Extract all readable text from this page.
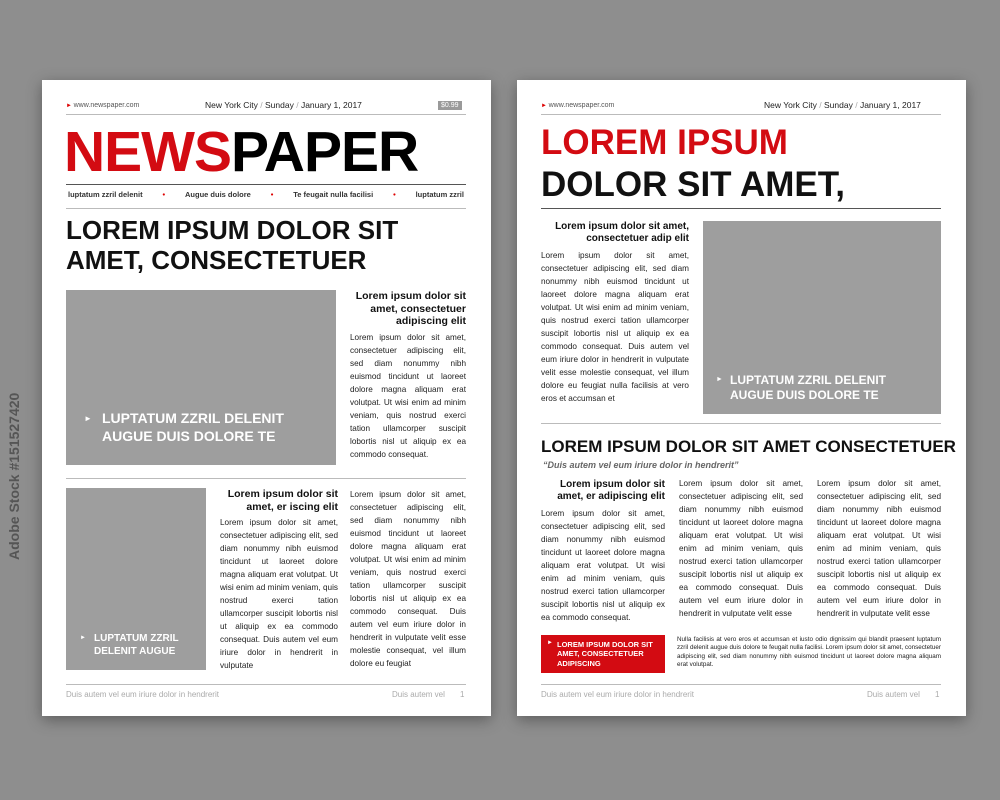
► www.newspaper.com	New York City / Sunday / January 1, 2017	$0.99
NEWSPAPER
luptatum zzril delenit	•	Augue duis dolore	•	Te feugait nulla facilisi	•	luptatum zzril
LOREM IPSUM DOLOR SIT
AMET, CONSECTETUER
► LUPTATUM ZZRIL DELENIT
AUGUE DUIS DOLORE TE
Lorem ipsum dolor sit amet, consectetuer adipiscing elit
Lorem ipsum dolor sit amet, consectetuer adipiscing elit, sed diam nonummy nibh euismod tincidunt ut laoreet dolore magna aliquam erat volutpat. Ut wisi enim ad minim veniam, quis nostrud exerci tation ullamcorper suscipit lobortis nisl ut aliquip ex ea commodo consequat.
► LUPTATUM ZZRIL
DELENIT AUGUE
Lorem ipsum dolor sit amet, er iscing elit
Lorem ipsum dolor sit amet, consectetuer adipiscing elit, sed diam nonummy nibh euismod tincidunt ut laoreet dolore magna aliquam erat volutpat. Ut wisi enim ad minim veniam, quis nostrud exerci tation ullamcorper suscipit lobortis nisl ut aliquip ex ea commodo consequat. Duis autem vel eum iriure dolor in hendrerit in vulputate
Lorem ipsum dolor sit amet, consectetuer adipiscing elit, sed diam nonummy nibh euismod tincidunt ut laoreet dolore magna aliquam erat volutpat. Ut wisi enim ad minim veniam, quis nostrud exerci tation ullamcorper suscipit lobortis nisl ut aliquip ex ea commodo consequat. Duis autem vel eum iriure dolor in hendrerit in vulputate velit esse molestie consequat, vel illum dolore eu feugiat
Duis autem vel eum iriure dolor in hendrerit	Duis autem vel 1
► www.newspaper.com	New York City / Sunday / January 1, 2017
LOREM IPSUM
DOLOR SIT AMET,
Lorem ipsum dolor sit amet, consectetuer adip elit
Lorem ipsum dolor sit amet, consectetuer adipiscing elit, sed diam nonummy nibh euismod tincidunt ut laoreet dolore magna aliquam erat volutpat. Ut wisi enim ad minim veniam, quis nostrud exerci tation ullamcorper suscipit lobortis nisl ut aliquip ex ea commodo consequat. Duis autem vel eum iriure dolor in hendrerit in vulputate velit esse molestie consequat, vel illum dolore eu feugiat nulla facilisis at vero eros et accumsan et
► LUPTATUM ZZRIL DELENIT
AUGUE DUIS DOLORE TE
LOREM IPSUM DOLOR SIT AMET CONSECTETUER
“Duis autem vel eum iriure dolor in hendrerit”
Lorem ipsum dolor sit amet, er adipiscing elit
Lorem ipsum dolor sit amet, consectetuer adipiscing elit, sed diam nonummy nibh euismod tincidunt ut laoreet dolore magna aliquam erat volutpat. Ut wisi enim ad minim veniam, quis nostrud exerci tation ullamcorper suscipit lobortis nisl ut aliquip ex ea commodo consequat.
Lorem ipsum dolor sit amet, consectetuer adipiscing elit, sed diam nonummy nibh euismod tincidunt ut laoreet dolore magna aliquam erat volutpat. Ut wisi enim ad minim veniam, quis nostrud exerci tation ullamcorper suscipit lobortis nisl ut aliquip ex ea commodo consequat. Duis autem vel eum iriure dolor in hendrerit in vulputate velit esse
Lorem ipsum dolor sit amet, consectetuer adipiscing elit, sed diam nonummy nibh euismod tincidunt ut laoreet dolore magna aliquam erat volutpat. Ut wisi enim ad minim veniam, quis nostrud exerci tation ullamcorper suscipit lobortis nisl ut aliquip ex ea commodo consequat. Duis autem vel eum iriure dolor in hendrerit in vulputate velit esse
► LOREM IPSUM DOLOR SIT AMET, CONSECTETUER ADIPISCING
Nulla facilisis at vero eros et accumsan et iusto odio dignissim qui blandit praesent luptatum zzril delenit augue duis dolore te feugait nulla facilisi. Lorem ipsum dolor sit amet, consectetuer adipiscing elit, sed diam nonummy nibh euismod tincidunt ut laoreet dolore magna aliquam erat volutpat.
Duis autem vel eum iriure dolor in hendrerit	Duis autem vel 1
Adobe Stock #151527420
